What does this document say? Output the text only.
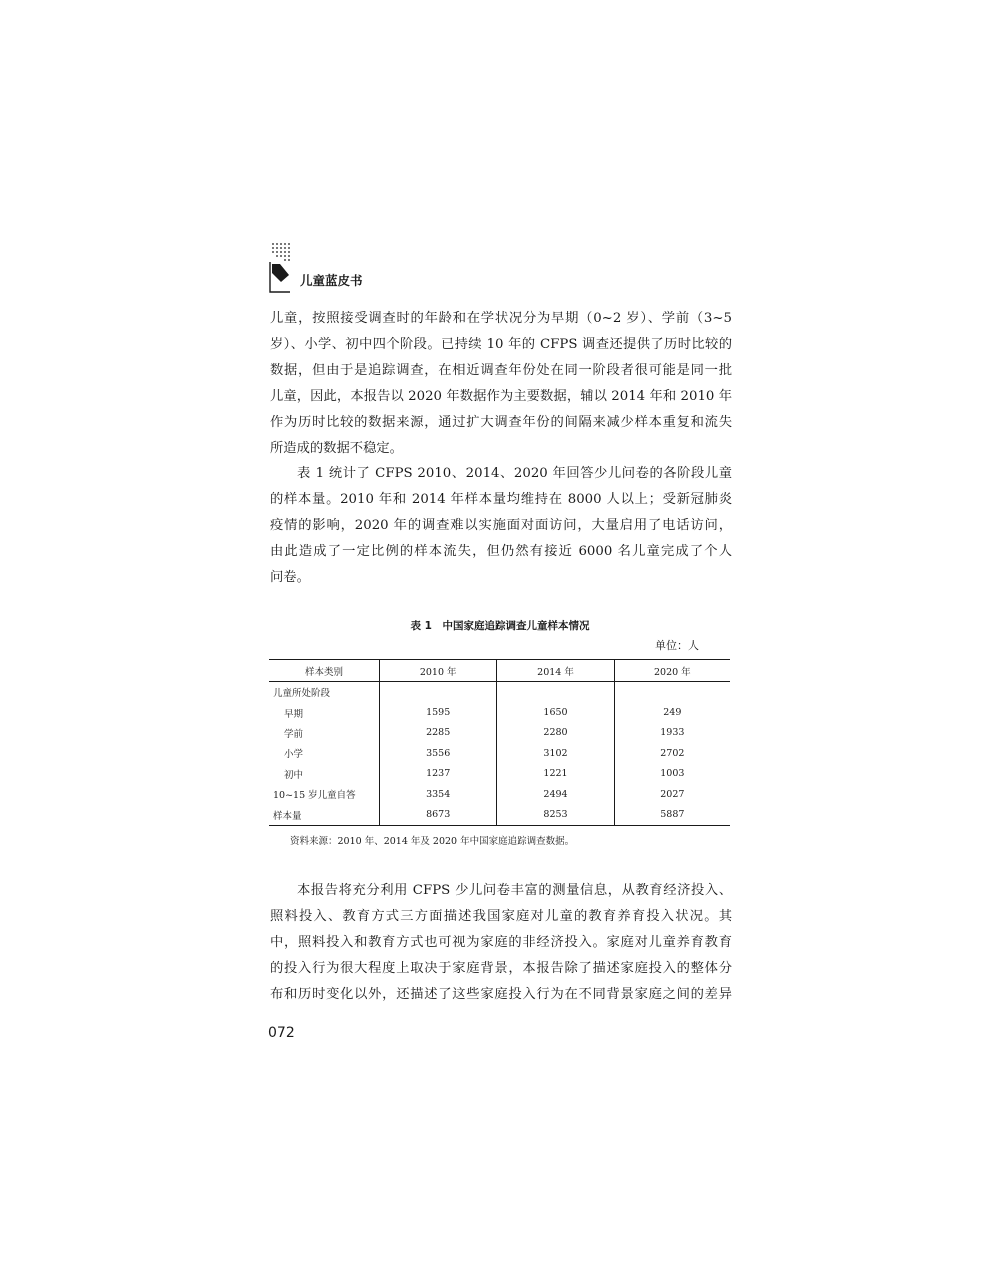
儿童蓝皮书
儿童，按照接受调查时的年龄和在学状况分为早期（0~2 岁）、学前（3~5
岁）、小学、初中四个阶段。已持续 10 年的 CFPS 调查还提供了历时比较的
数据，但由于是追踪调查，在相近调查年份处在同一阶段者很可能是同一批
儿童，因此，本报告以 2020 年数据作为主要数据，辅以 2014 年和 2010 年
作为历时比较的数据来源，通过扩大调查年份的间隔来减少样本重复和流失
所造成的数据不稳定。
表 1 统计了 CFPS 2010、2014、2020 年回答少儿问卷的各阶段儿童
的样本量。2010 年和 2014 年样本量均维持在 8000 人以上；受新冠肺炎
疫情的影响，2020 年的调查难以实施面对面访问，大量启用了电话访问，
由此造成了一定比例的样本流失，但仍然有接近 6000 名儿童完成了个人
问卷。
表 1　中国家庭追踪调查儿童样本情况
单位：人
样本类别	2010 年	2014 年	2020 年
儿童所处阶段			
早期	1595	1650	249
学前	2285	2280	1933
小学	3556	3102	2702
初中	1237	1221	1003
10~15 岁儿童自答	3354	2494	2027
样本量	8673	8253	5887
资料来源：2010 年、2014 年及 2020 年中国家庭追踪调查数据。
本报告将充分利用 CFPS 少儿问卷丰富的测量信息，从教育经济投入、
照料投入、教育方式三方面描述我国家庭对儿童的教育养育投入状况。其
中，照料投入和教育方式也可视为家庭的非经济投入。家庭对儿童养育教育
的投入行为很大程度上取决于家庭背景，本报告除了描述家庭投入的整体分
布和历时变化以外，还描述了这些家庭投入行为在不同背景家庭之间的差异
072
